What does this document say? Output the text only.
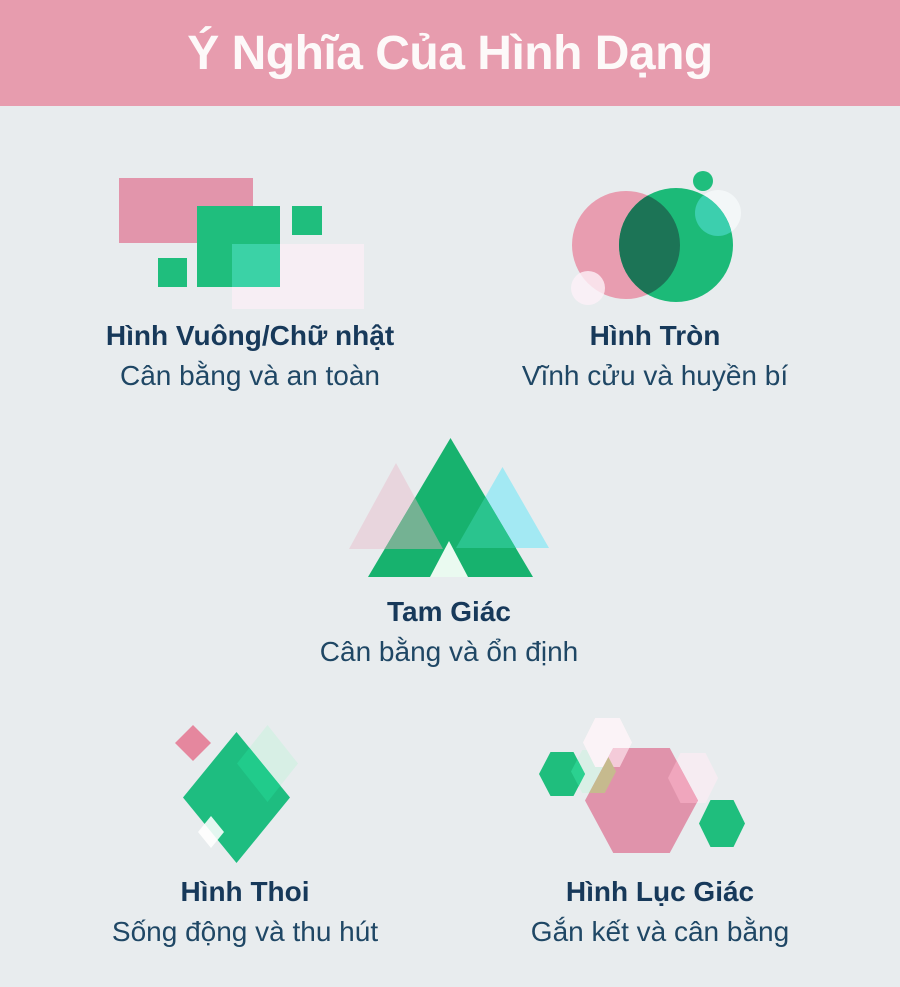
Ý Nghĩa Của Hình Dạng
Hình Vuông/Chữ nhật

Cân bằng và an toàn

Hình Tròn

Vĩnh cửu và huyền bí

Tam Giác

Cân bằng và ổn định

Hình Thoi

Sống động và thu hút

Hình Lục Giác

Gắn kết và cân bằng
